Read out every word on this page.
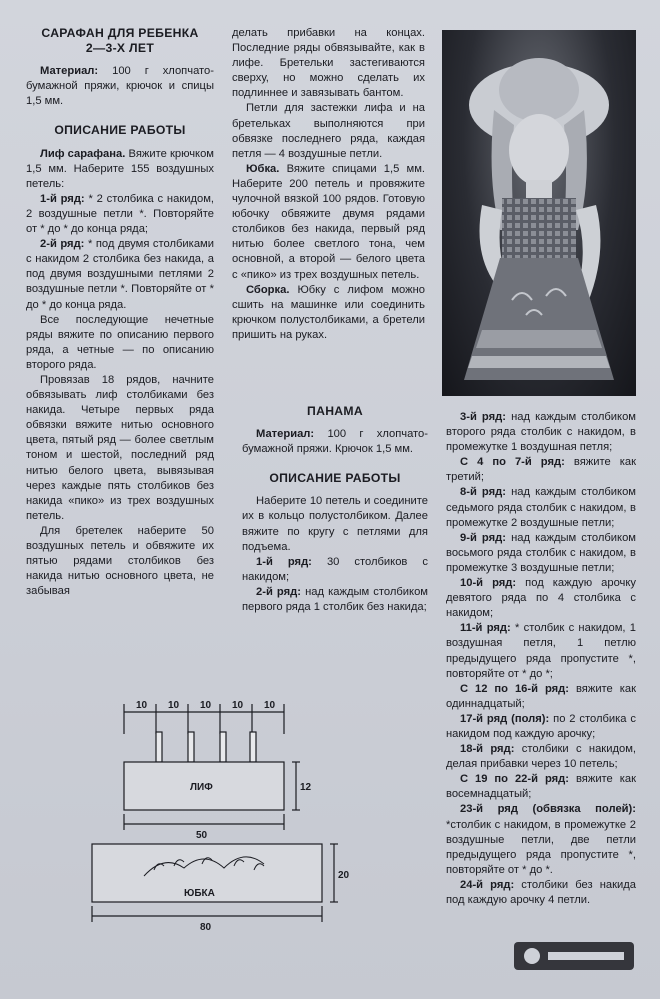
САРАФАН ДЛЯ РЕБЕНКА

2—3-Х ЛЕТ

Материал: 100 г хлопчато-бумажной пряжи, крючок и спицы 1,5 мм.

ОПИСАНИЕ РАБОТЫ

Лиф сарафана. Вяжите крючком 1,5 мм. Наберите 155 воздушных петель:

1-й ряд: * 2 столбика с накидом, 2 воздушные петли *. Повторяйте от * до * до конца ряда;

2-й ряд: * под двумя столбиками с накидом 2 столбика без накида, а под двумя воздушными петлями 2 воздушные петли *. Повторяйте от * до * до конца ряда.

Все последующие нечетные ряды вяжите по описанию первого ряда, а четные — по описанию второго ряда.

Провязав 18 рядов, начните обвязывать лиф столбиками без накида. Четыре первых ряда обвязки вяжите нитью основного цвета, пятый ряд — более светлым тоном и шестой, последний ряд нитью белого цвета, вывязывая через каждые пять столбиков без накида «пико» из трех воздушных петель.

Для бретелек наберите 50 воздушных петель и обвяжите их пятью рядами столбиков без накида нитью основного цвета, не забывая

делать прибавки на концах. Последние ряды обвязывайте, как в лифе. Бретельки застегиваются сверху, но можно сделать их подлиннее и завязывать бантом.

Петли для застежки лифа и на бретельках выполняются при обвязке последнего ряда, каждая петля — 4 воздушные петли.

Юбка. Вяжите спицами 1,5 мм. Наберите 200 петель и провяжите чулочной вязкой 100 рядов. Готовую юбочку обвяжите двумя рядами столбиков без накида, первый ряд нитью более светлого тона, чем основной, а второй — белого цвета с «пико» из трех воздушных петель.

Сборка. Юбку с лифом можно сшить на машинке или соединить крючком полустолбиками, а бретели пришить на руках.

ПАНАМА

Материал: 100 г хлопчато-бумажной пряжи. Крючок 1,5 мм.

ОПИСАНИЕ РАБОТЫ

Наберите 10 петель и соедините их в кольцо полустолбиком. Далее вяжите по кругу с петлями для подъема.

1-й ряд: 30 столбиков с накидом;

2-й ряд: над каждым столбиком первого ряда 1 столбик без накида;

3-й ряд: над каждым столбиком второго ряда столбик с накидом, в промежутке 1 воздушная петля;

С 4 по 7-й ряд: вяжите как третий;

8-й ряд: над каждым столбиком седьмого ряда столбик с накидом, в промежутке 2 воздушные петли;

9-й ряд: над каждым столбиком восьмого ряда столбик с накидом, в промежутке 3 воздушные петли;

10-й ряд: под каждую арочку девятого ряда по 4 столбика с накидом;

11-й ряд: * столбик с накидом, 1 воздушная петля, 1 петлю предыдущего ряда пропустите *, повторяйте от * до *;

С 12 по 16-й ряд: вяжите как одиннадцатый;

17-й ряд (поля): по 2 столбика с накидом под каждую арочку;

18-й ряд: столбики с накидом, делая прибавки через 10 петель;

С 19 по 22-й ряд: вяжите как восемнадцатый;

23-й ряд (обвязка полей): *столбик с накидом, в промежутке 2 воздушные петли, две петли предыдущего ряда пропустите *, повторяйте от * до *.

24-й ряд: столбики без накида под каждую арочку 4 петли.

10 10 10 10 10
ЛИФ	12
50
ЮБКА
20
80
